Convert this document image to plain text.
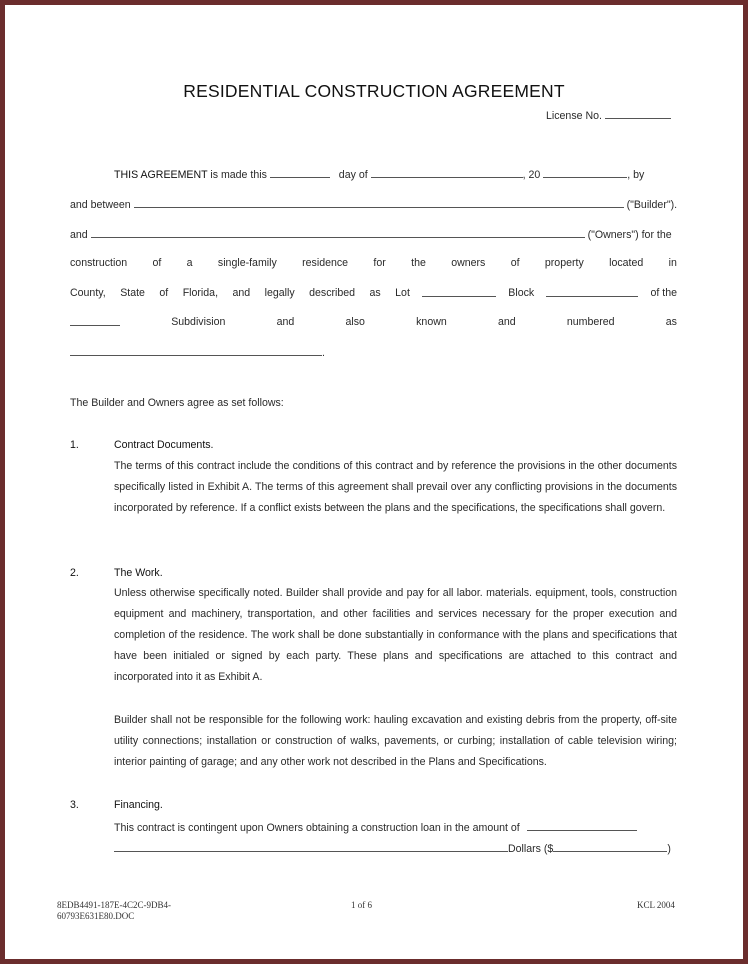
RESIDENTIAL CONSTRUCTION AGREEMENT
License No.
THIS AGREEMENT is made this	day of	, 20	, by
and between	("Builder").
and	("Owners") for the
construction of a single-family residence for the owners of property located in
County, State of Florida, and legally described as Lot	Block	of the
Subdivision	and	also	known	and	numbered	as
.
The Builder and Owners agree as set follows:
1.	Contract Documents.
The terms of this contract include the conditions of this contract and by reference the provisions in the other documents specifically listed in Exhibit A. The terms of this agreement shall prevail over any conflicting provisions in the documents incorporated by reference. If a conflict exists between the plans and the specifications, the specifications shall govern.
2.	The Work.
Unless otherwise specifically noted. Builder shall provide and pay for all labor. materials. equipment, tools, construction equipment and machinery, transportation, and other facilities and services necessary for the proper execution and completion of the residence. The work shall be done substantially in conformance with the plans and specifications that have been initialed or signed by each party. These plans and specifications are attached to this contract and incorporated into it as Exhibit A.
Builder shall not be responsible for the following work: hauling excavation and existing debris from the property, off-site utility connections; installation or construction of walks, pavements, or curbing; installation of cable television wiring; interior painting of garage; and any other work not described in the Plans and Specifications.
3.	Financing.
This contract is contingent upon Owners obtaining a construction loan in the amount of
Dollars ($	)
8EDB4491-187E-4C2C-9DB4-
60793E631E80.DOC
1 of 6	KCL 2004
